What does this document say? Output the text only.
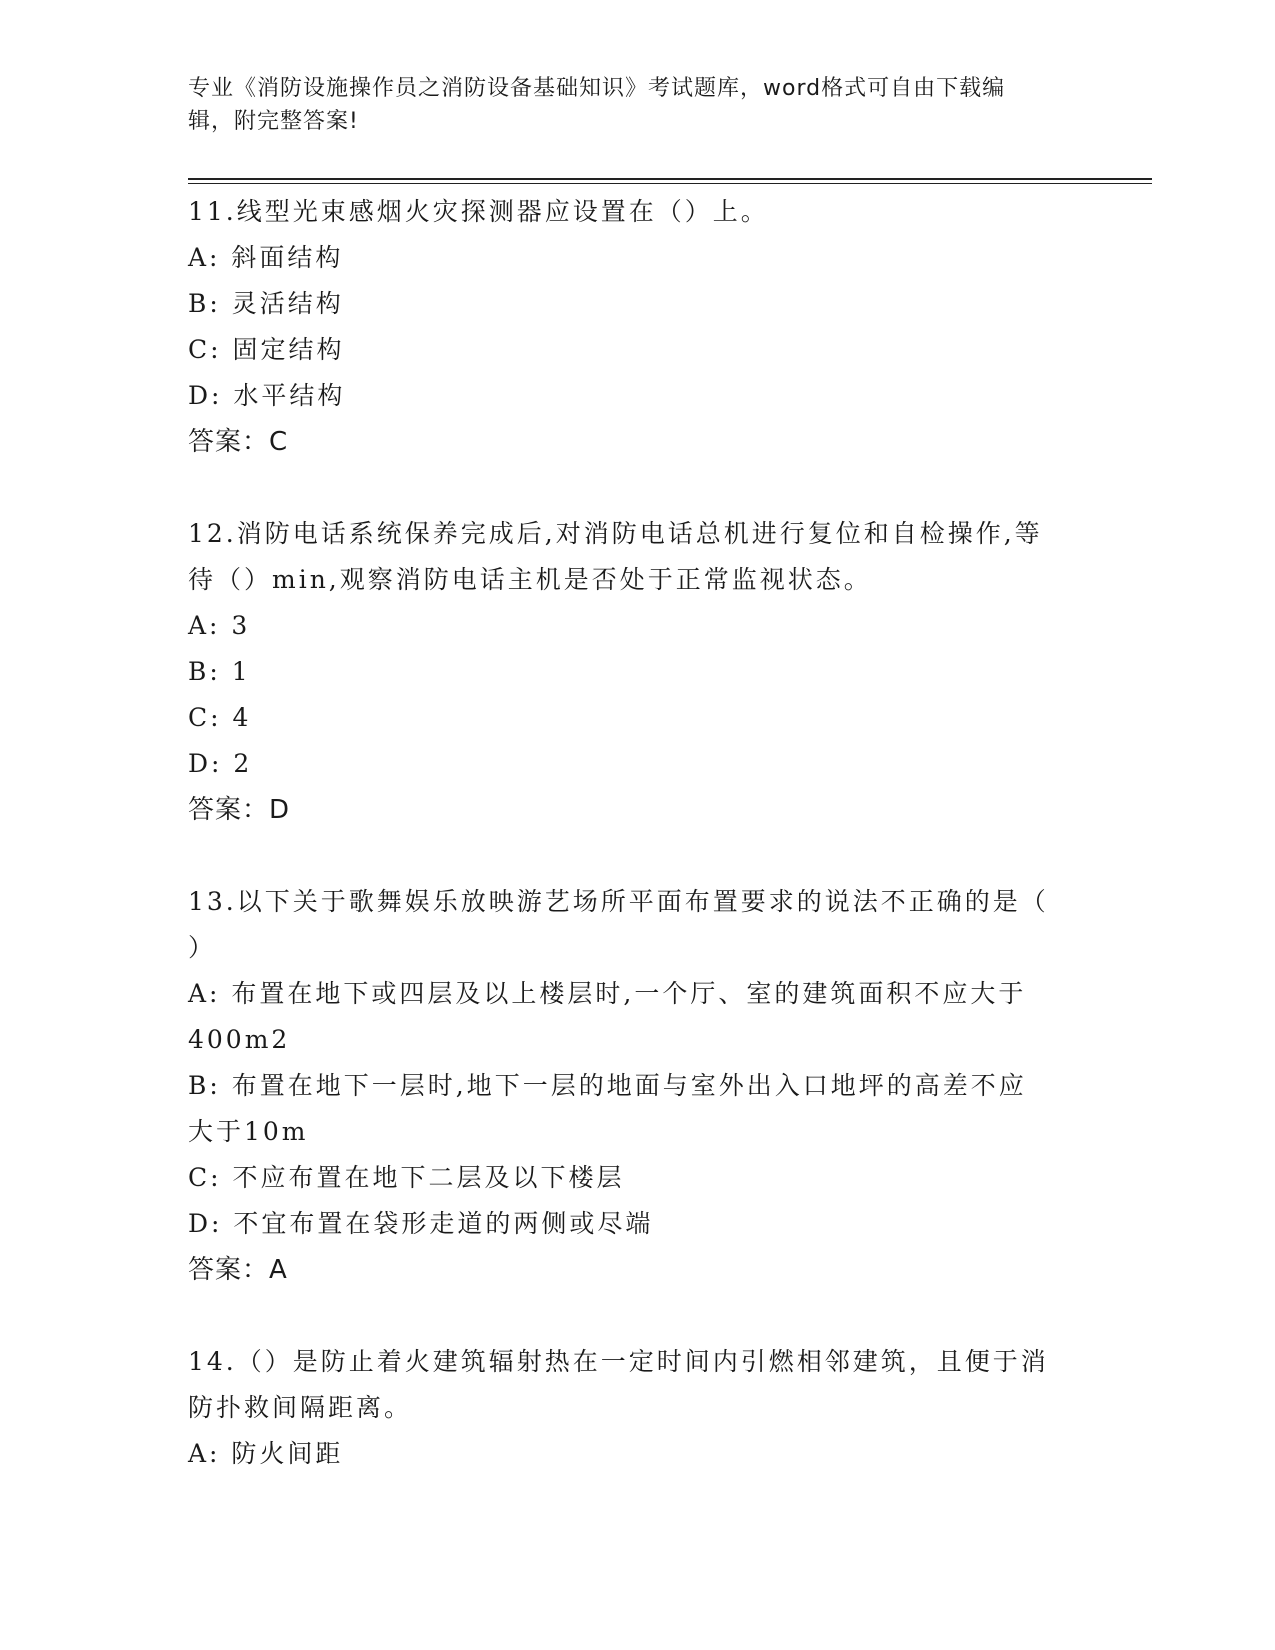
专业《消防设施操作员之消防设备基础知识》考试题库，word格式可自由下载编
辑，附完整答案!

11.线型光束感烟火灾探测器应设置在（）上。

A: 斜面结构

B: 灵活结构

C: 固定结构

D: 水平结构

答案：C

12.消防电话系统保养完成后,对消防电话总机进行复位和自检操作,等

待（）min,观察消防电话主机是否处于正常监视状态。

A: 3

B: 1

C: 4

D: 2

答案：D

13.以下关于歌舞娱乐放映游艺场所平面布置要求的说法不正确的是（

）

A: 布置在地下或四层及以上楼层时,一个厅、室的建筑面积不应大于

400m2

B: 布置在地下一层时,地下一层的地面与室外出入口地坪的高差不应

大于10m

C: 不应布置在地下二层及以下楼层

D: 不宜布置在袋形走道的两侧或尽端

答案：A

14.（）是防止着火建筑辐射热在一定时间内引燃相邻建筑，且便于消

防扑救间隔距离。

A: 防火间距
